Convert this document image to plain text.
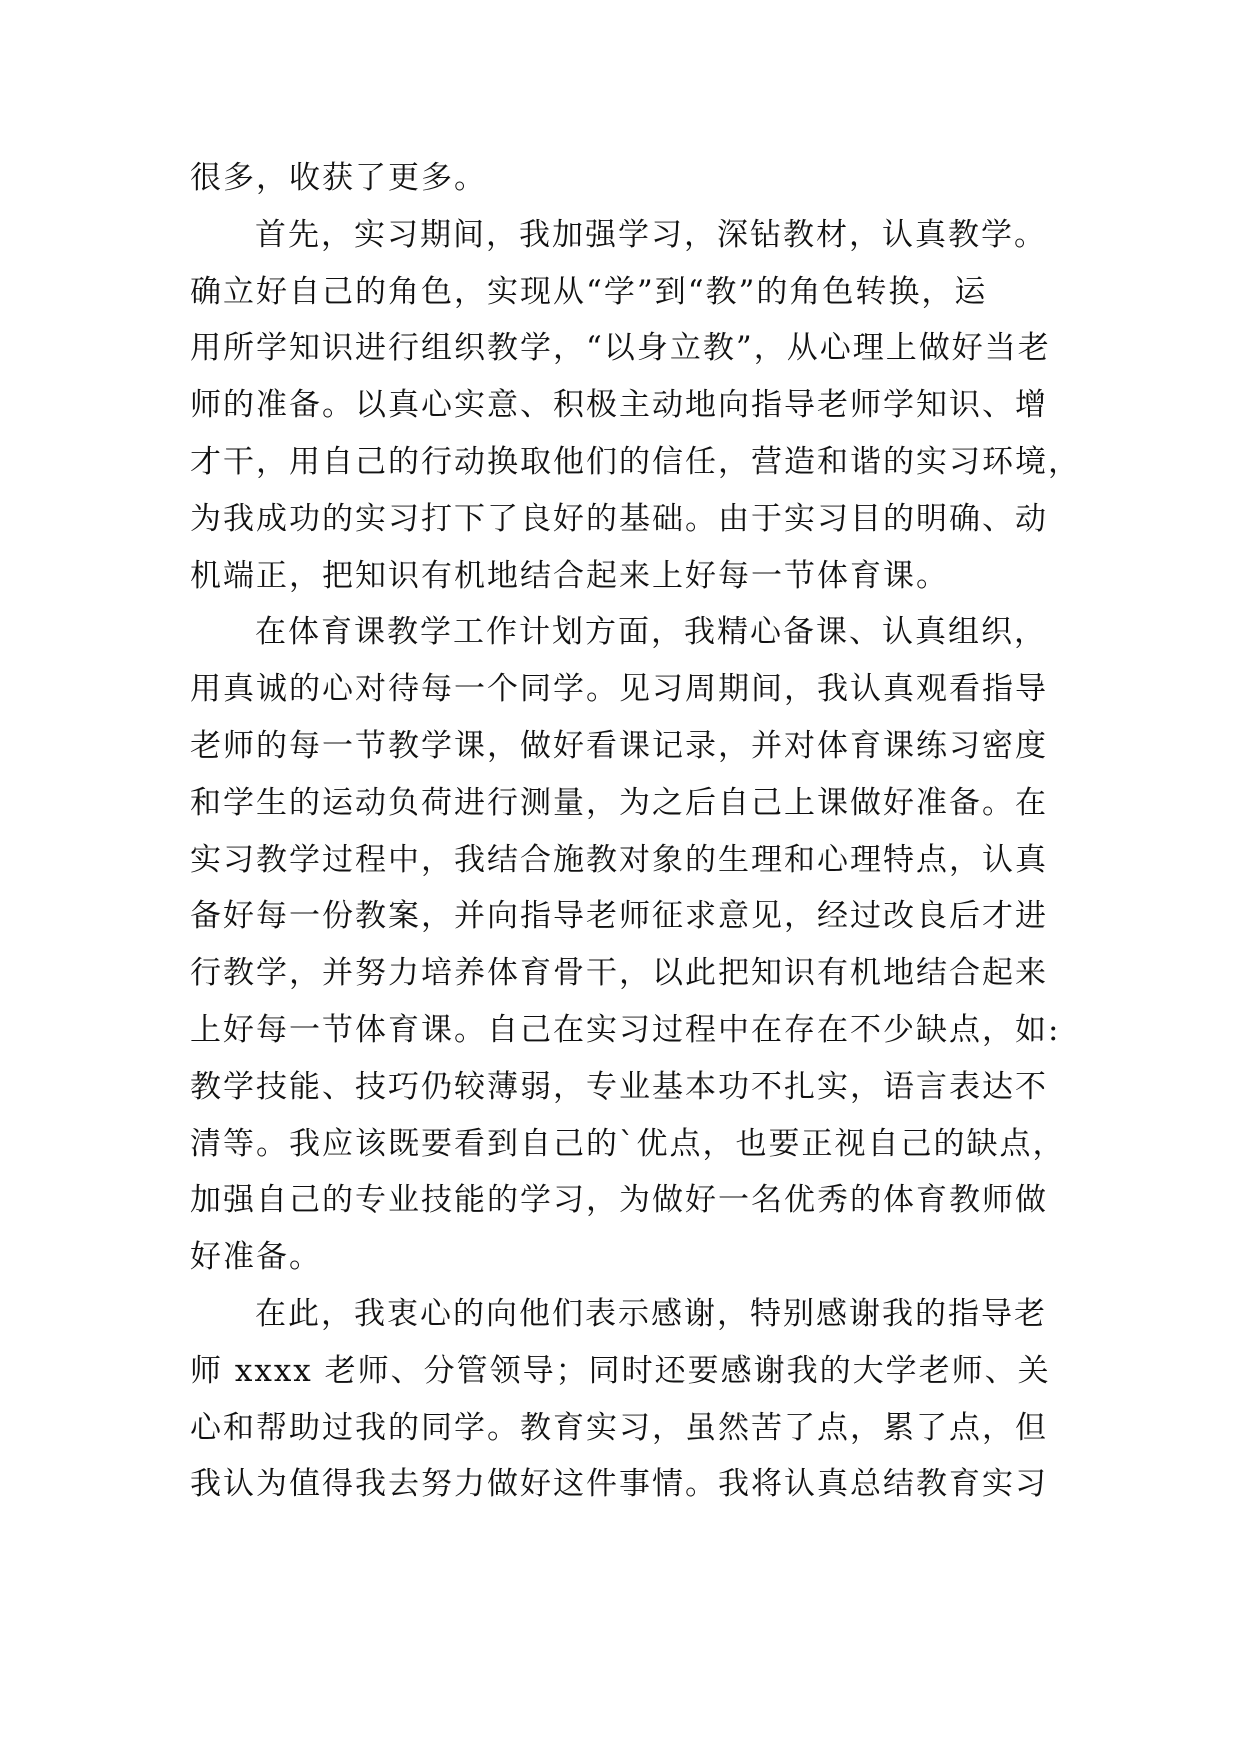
很多，收获了更多。
首先，实习期间，我加强学习，深钻教材，认真教学。
确立好自己的角色，实现从“学”到“教”的角色转换，运
用所学知识进行组织教学，“以身立教”，从心理上做好当老
师的准备。以真心实意、积极主动地向指导老师学知识、增
才干，用自己的行动换取他们的信任，营造和谐的实习环境，
为我成功的实习打下了良好的基础。由于实习目的明确、动
机端正，把知识有机地结合起来上好每一节体育课。
在体育课教学工作计划方面，我精心备课、认真组织，
用真诚的心对待每一个同学。见习周期间，我认真观看指导
老师的每一节教学课，做好看课记录，并对体育课练习密度
和学生的运动负荷进行测量，为之后自己上课做好准备。在
实习教学过程中，我结合施教对象的生理和心理特点，认真
备好每一份教案，并向指导老师征求意见，经过改良后才进
行教学，并努力培养体育骨干，以此把知识有机地结合起来
上好每一节体育课。自己在实习过程中在存在不少缺点，如:
教学技能、技巧仍较薄弱，专业基本功不扎实，语言表达不
清等。我应该既要看到自己的`优点，也要正视自己的缺点，
加强自己的专业技能的学习，为做好一名优秀的体育教师做
好准备。
在此，我衷心的向他们表示感谢，特别感谢我的指导老
师 xxxx 老师、分管领导；同时还要感谢我的大学老师、关
心和帮助过我的同学。教育实习，虽然苦了点，累了点，但
我认为值得我去努力做好这件事情。我将认真总结教育实习
